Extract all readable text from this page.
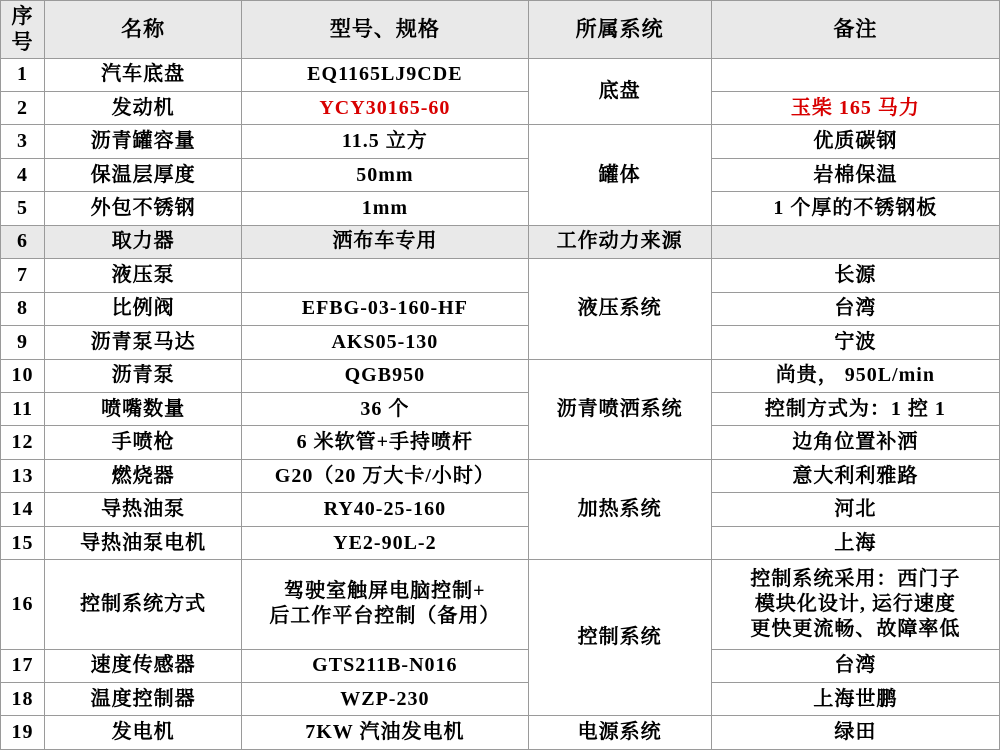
序号	名称	型号、规格	所属系统	备注
1	汽车底盘	EQ1165LJ9CDE	底盘	
2	发动机	YCY30165-60		玉柴 165 马力
3	沥青罐容量	11.5 立方	罐体	优质碳钢
4	保温层厚度	50mm		岩棉保温
5	外包不锈钢	1mm		1 个厚的不锈钢板
6	取力器	洒布车专用	工作动力来源	
7	液压泵		液压系统	长源
8	比例阀	EFBG-03-160-HF		台湾
9	沥青泵马达	AKS05-130		宁波
10	沥青泵	QGB950	沥青喷洒系统	尚贵， 950L/min
11	喷嘴数量	36 个		控制方式为：1 控 1
12	手喷枪	6 米软管+手持喷杆		边角位置补洒
13	燃烧器	G20（20 万大卡/小时）	加热系统	意大利利雅路
14	导热油泵	RY40-25-160		河北
15	导热油泵电机	YE2-90L-2		上海
16	控制系统方式	驾驶室触屏电脑控制+
后工作平台控制（备用）	控制系统	控制系统采用：西门子
模块化设计, 运行速度
更快更流畅、故障率低

17	速度传感器	GTS211B-N016		台湾
18	温度控制器	WZP-230		上海世鹏
19	发电机	7KW 汽油发电机	电源系统	绿田
